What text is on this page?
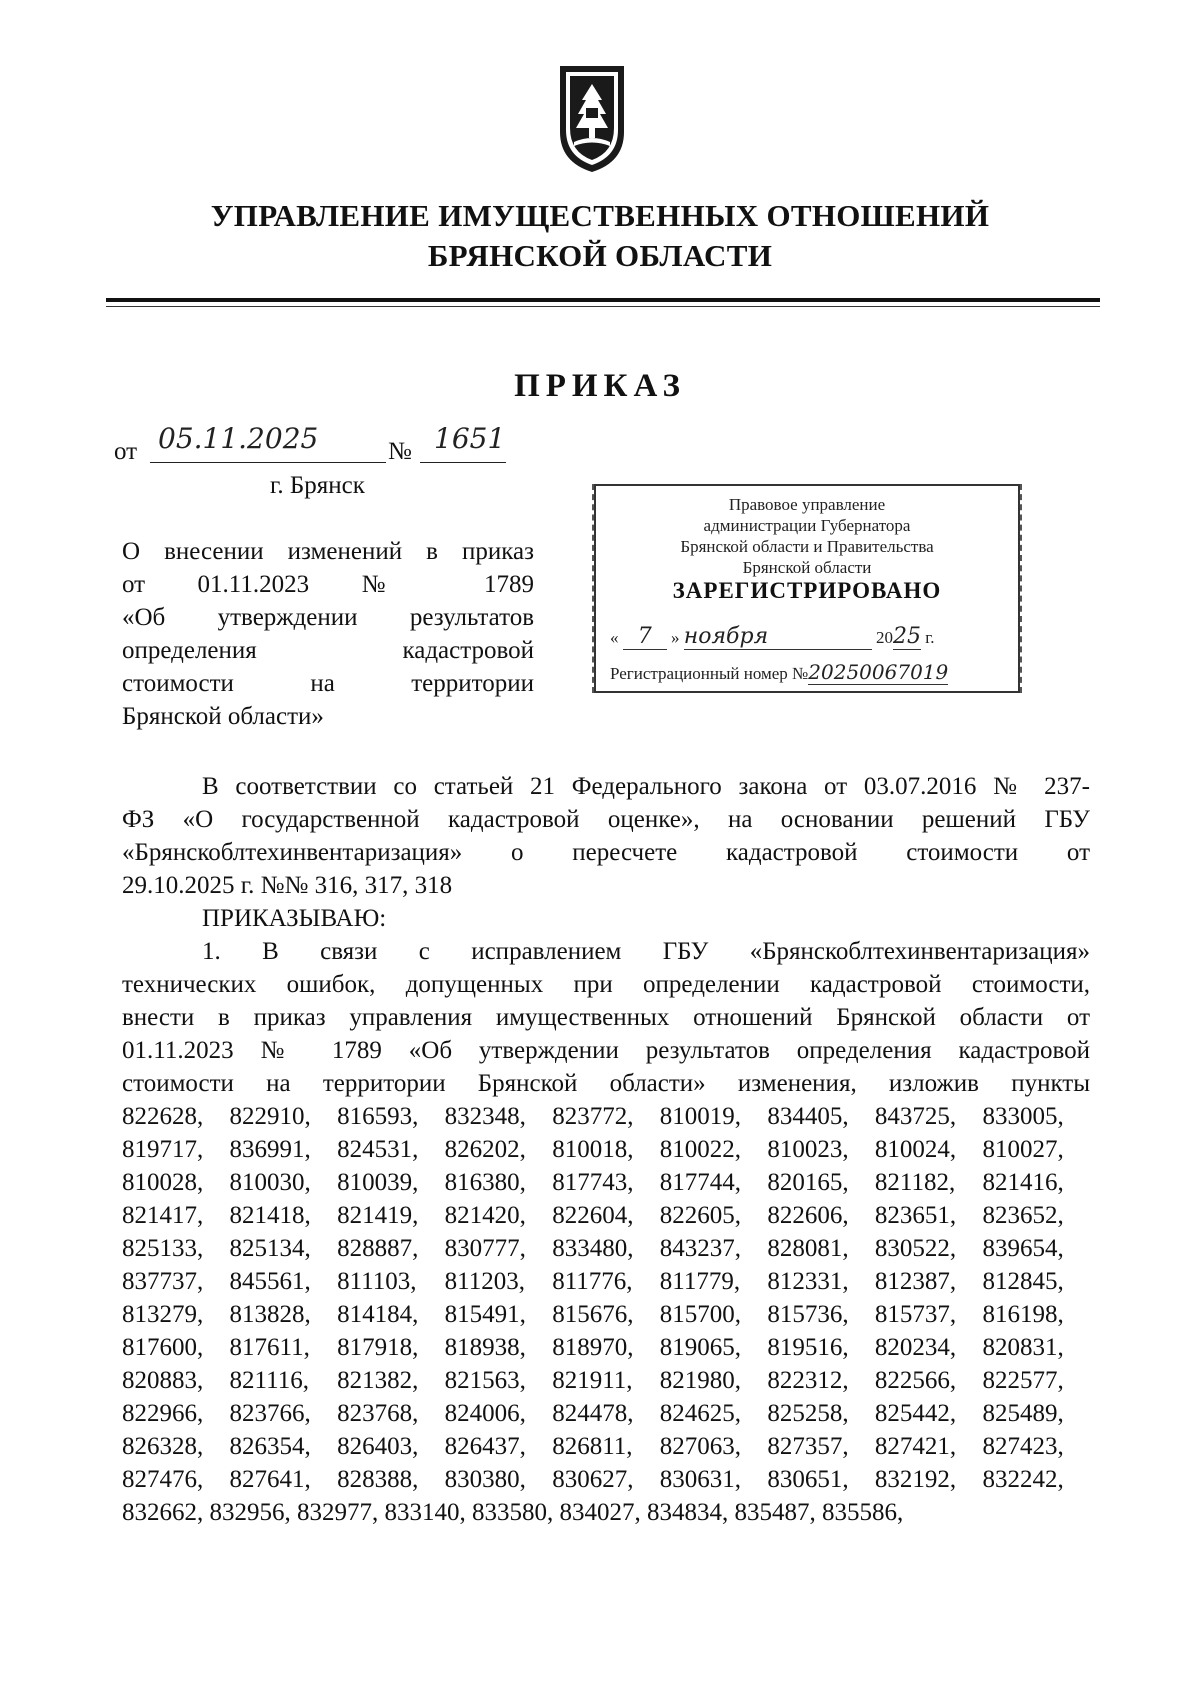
УПРАВЛЕНИЕ ИМУЩЕСТВЕННЫХ ОТНОШЕНИЙ
БРЯНСКОЙ ОБЛАСТИ
ПРИКАЗ
от 05.11.2025	№ 1651
г. Брянск
О внесении изменений в приказ
от 01.11.2023 № 1789
«Об утверждении результатов
определения	кадастровой
стоимости	на	территории
Брянской области»
Правовое управление
администрации Губернатора
Брянской области и Правительства
Брянской области
ЗАРЕГИСТРИРОВАНО
« 7 » ноября	2025 г.
Регистрационный номер №20250067019
В соответствии со статьей 21 Федерального закона от 03.07.2016 № 237-
ФЗ «О государственной кадастровой оценке», на основании решений ГБУ
«Брянскоблтехинвентаризация» о пересчете кадастровой стоимости от
29.10.2025 г. №№ 316, 317, 318
ПРИКАЗЫВАЮ:
1. В связи с исправлением ГБУ «Брянскоблтехинвентаризация»
технических ошибок, допущенных при определении кадастровой стоимости,
внести в приказ управления имущественных отношений Брянской области от
01.11.2023 № 1789 «Об утверждении результатов определения кадастровой
стоимости на территории Брянской области» изменения, изложив пункты
822628, 822910, 816593, 832348, 823772, 810019, 834405, 843725, 833005,
819717, 836991, 824531, 826202, 810018, 810022, 810023, 810024, 810027,
810028, 810030, 810039, 816380, 817743, 817744, 820165, 821182, 821416,
821417, 821418, 821419, 821420, 822604, 822605, 822606, 823651, 823652,
825133, 825134, 828887, 830777, 833480, 843237, 828081, 830522, 839654,
837737, 845561, 811103, 811203, 811776, 811779, 812331, 812387, 812845,
813279, 813828, 814184, 815491, 815676, 815700, 815736, 815737, 816198,
817600, 817611, 817918, 818938, 818970, 819065, 819516, 820234, 820831,
820883, 821116, 821382, 821563, 821911, 821980, 822312, 822566, 822577,
822966, 823766, 823768, 824006, 824478, 824625, 825258, 825442, 825489,
826328, 826354, 826403, 826437, 826811, 827063, 827357, 827421, 827423,
827476, 827641, 828388, 830380, 830627, 830631, 830651, 832192, 832242,
832662, 832956, 832977, 833140, 833580, 834027, 834834, 835487, 835586,
